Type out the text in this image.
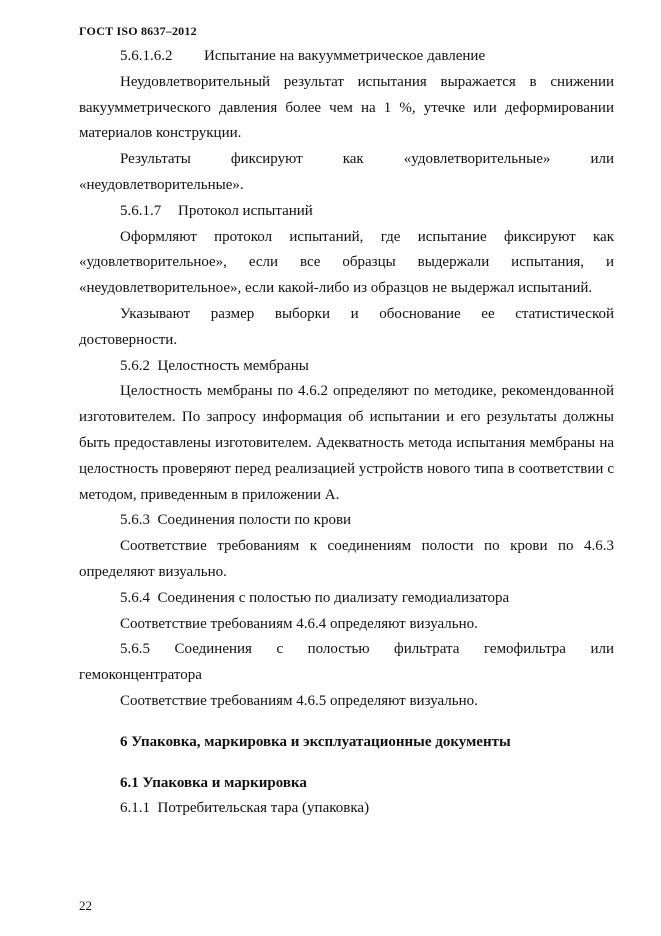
ГОСТ ISO 8637–2012

5.6.1.6.2 Испытание на вакуумметрическое давление

Неудовлетворительный результат испытания выражается в снижении вакуумметрического давления более чем на 1 %, утечке или деформировании материалов конструкции.

Результаты фиксируют как «удовлетворительные» или «неудовлетворительные».

5.6.1.7 Протокол испытаний

Оформляют протокол испытаний, где испытание фиксируют как «удовлетворительное», если все образцы выдержали испытания, и «неудовлетворительное», если какой-либо из образцов не выдержал испытаний.

Указывают размер выборки и обоснование ее статистической достоверности.

5.6.2 Целостность мембраны

Целостность мембраны по 4.6.2 определяют по методике, рекомендованной изготовителем. По запросу информация об испытании и его результаты должны быть предоставлены изготовителем. Адекватность метода испытания мембраны на целостность проверяют перед реализацией устройств нового типа в соответствии с методом, приведенным в приложении А.

5.6.3 Соединения полости по крови

Соответствие требованиям к соединениям полости по крови по 4.6.3 определяют визуально.

5.6.4 Соединения с полостью по диализату гемодиализатора

Соответствие требованиям 4.6.4 определяют визуально.

5.6.5 Соединения с полостью фильтрата гемофильтра или гемоконцентратора

Соответствие требованиям 4.6.5 определяют визуально.

6 Упаковка, маркировка и эксплуатационные документы

6.1 Упаковка и маркировка

6.1.1 Потребительская тара (упаковка)

22
